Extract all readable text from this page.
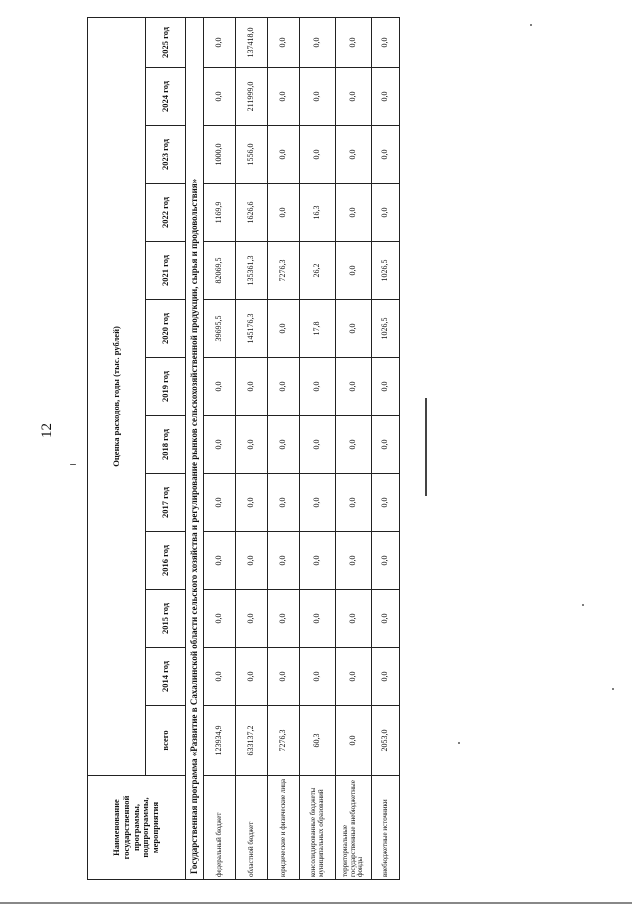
12
Наименование государственной программы, подпрограммы, мероприятия	Оценка расходов, годы (тыс. рублей)												
	всего	2014 год	2015 год	2016 год	2017 год	2018 год	2019 год	2020 год	2021 год	2022 год	2023 год	2024 год	2025 год
Государственная программа «Развитие в Сахалинской области сельского хозяйства и регулирование рынков сельскохозяйственной продукции, сырья и продовольствия»													
федеральный бюджет	123934,9	0,0	0,0	0,0	0,0	0,0	0,0	39695,5	82069,5	1169,9	1000,0	0,0	0,0
областной бюджет	633137,2	0,0	0,0	0,0	0,0	0,0	0,0	145176,3	135361,3	1626,6	1556,0	211999,0	137418,0
юридические и физические лица	7276,3	0,0	0,0	0,0	0,0	0,0	0,0	0,0	7276,3	0,0	0,0	0,0	0,0
консолидированные бюджеты муниципальных образований	60,3	0,0	0,0	0,0	0,0	0,0	0,0	17,8	26,2	16,3	0,0	0,0	0,0
территориальные государственные внебюджетные фонды	0,0	0,0	0,0	0,0	0,0	0,0	0,0	0,0	0,0	0,0	0,0	0,0	0,0
внебюджетные источники	2053,0	0,0	0,0	0,0	0,0	0,0	0,0	1026,5	1026,5	0,0	0,0	0,0	0,0
